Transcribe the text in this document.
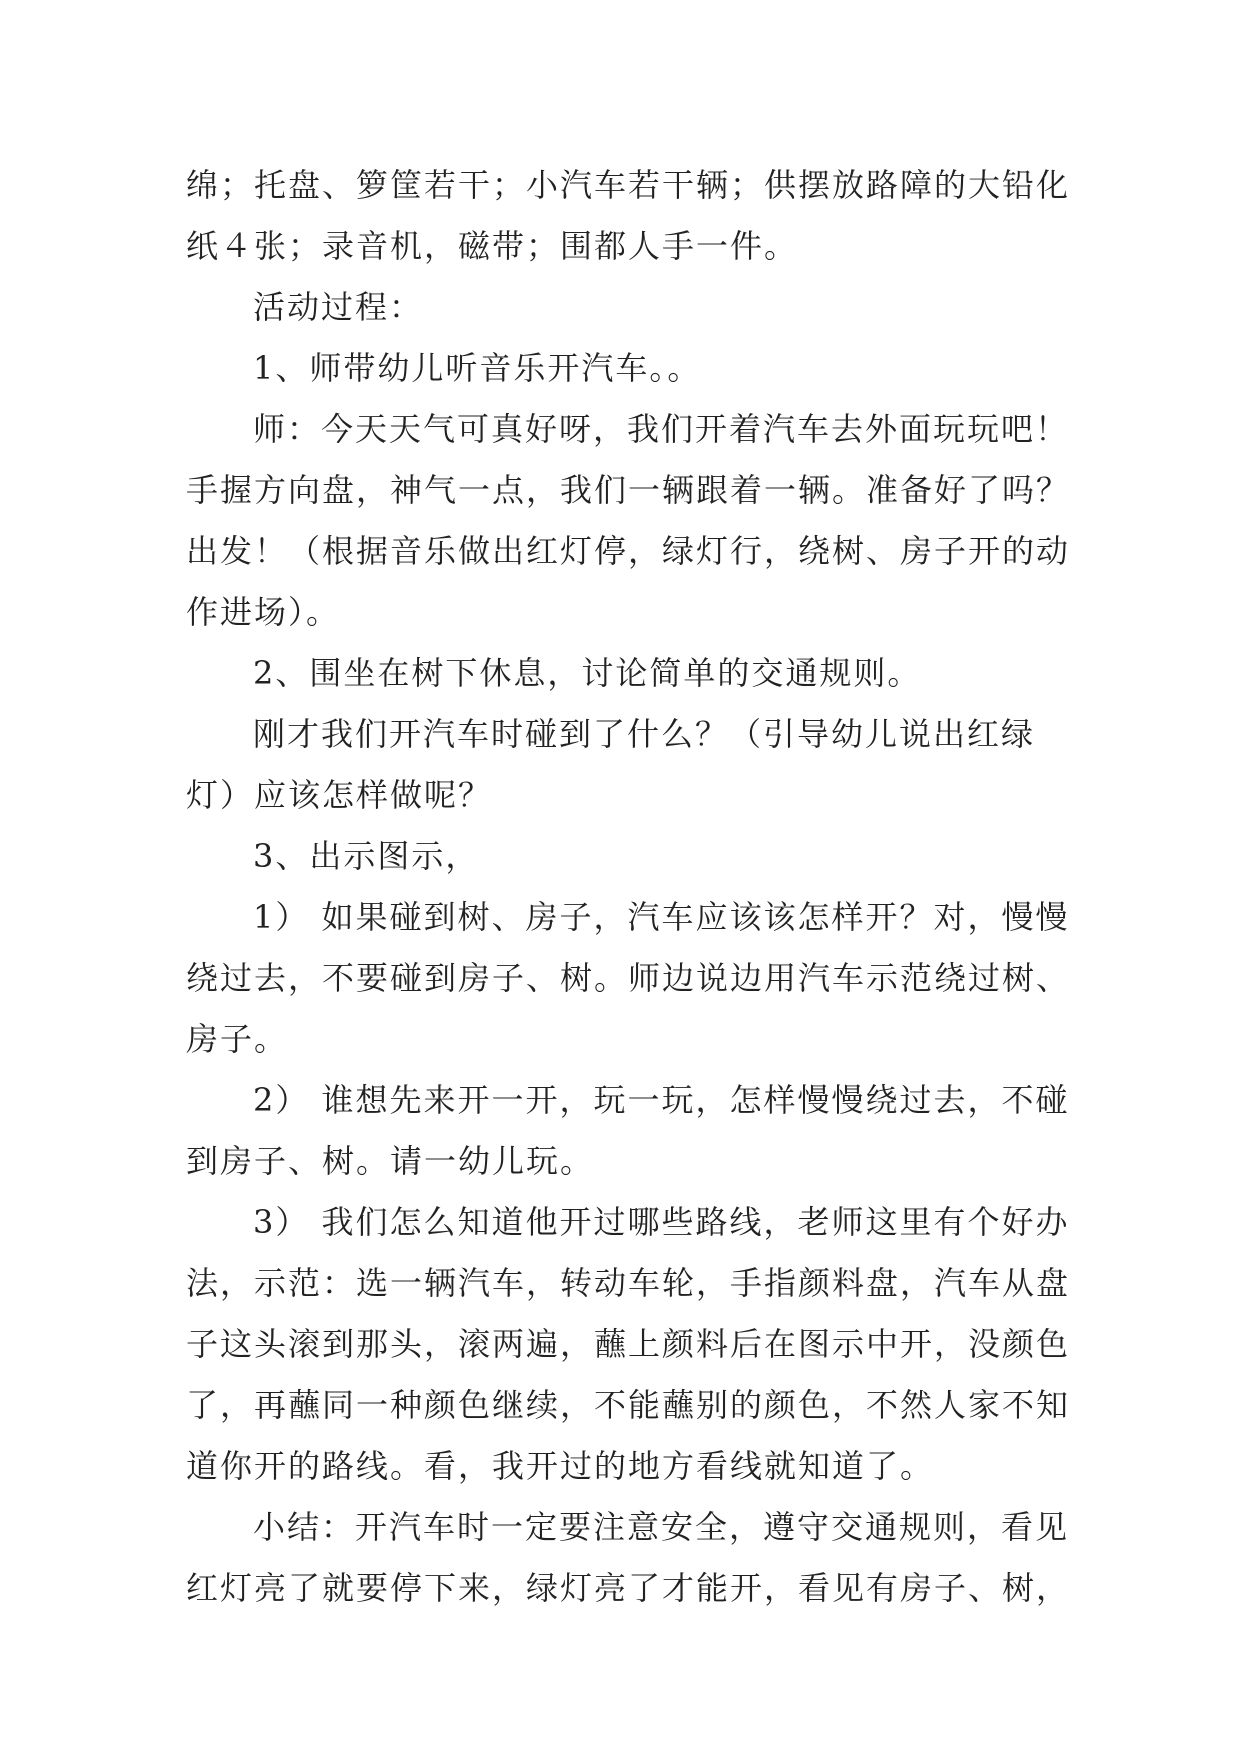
绵；托盘、箩筐若干；小汽车若干辆；供摆放路障的大铅化
纸４张；录音机，磁带；围都人手一件。
活动过程：
1、师带幼儿听音乐开汽车。。
师：今天天气可真好呀，我们开着汽车去外面玩玩吧！
手握方向盘，神气一点，我们一辆跟着一辆。准备好了吗？
出发！（根据音乐做出红灯停，绿灯行，绕树、房子开的动
作进场）。
2、围坐在树下休息，讨论简单的交通规则。
刚才我们开汽车时碰到了什么？（引导幼儿说出红绿
灯）应该怎样做呢？
3、出示图示，
1） 如果碰到树、房子，汽车应该该怎样开？对，慢慢
绕过去，不要碰到房子、树。师边说边用汽车示范绕过树、
房子。
2） 谁想先来开一开，玩一玩，怎样慢慢绕过去，不碰
到房子、树。请一幼儿玩。
3） 我们怎么知道他开过哪些路线，老师这里有个好办
法，示范：选一辆汽车，转动车轮，手指颜料盘，汽车从盘
子这头滚到那头，滚两遍，蘸上颜料后在图示中开，没颜色
了，再蘸同一种颜色继续，不能蘸别的颜色，不然人家不知
道你开的路线。看，我开过的地方看线就知道了。
小结：开汽车时一定要注意安全，遵守交通规则，看见
红灯亮了就要停下来，绿灯亮了才能开，看见有房子、树，
